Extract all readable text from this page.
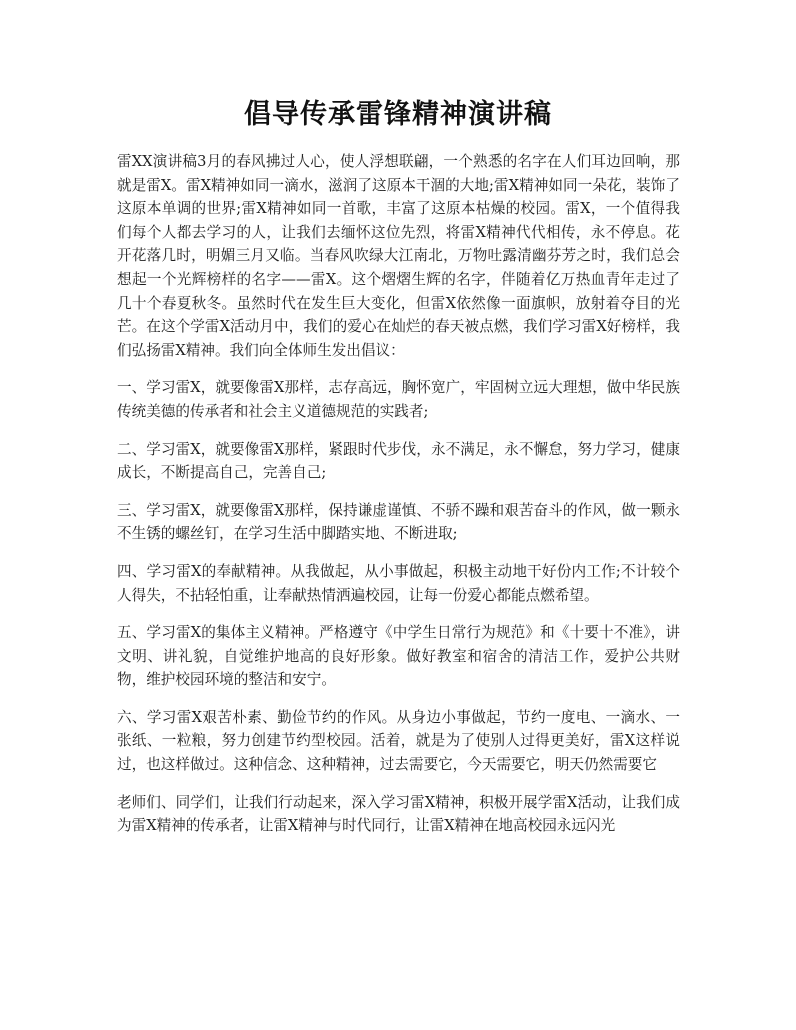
倡导传承雷锋精神演讲稿

雷XX演讲稿3月的春风拂过人心，使人浮想联翩，一个熟悉的名字在人们耳边回响，那就是雷X。雷X精神如同一滴水，滋润了这原本干涸的大地;雷X精神如同一朵花，装饰了这原本单调的世界;雷X精神如同一首歌，丰富了这原本枯燥的校园。雷X，一个值得我们每个人都去学习的人，让我们去缅怀这位先烈，将雷X精神代代相传，永不停息。花开花落几时，明媚三月又临。当春风吹绿大江南北，万物吐露清幽芬芳之时，我们总会想起一个光辉榜样的名字——雷X。这个熠熠生辉的名字，伴随着亿万热血青年走过了几十个春夏秋冬。虽然时代在发生巨大变化，但雷X依然像一面旗帜，放射着夺目的光芒。在这个学雷X活动月中，我们的爱心在灿烂的春天被点燃，我们学习雷X好榜样，我们弘扬雷X精神。我们向全体师生发出倡议：

一、学习雷X，就要像雷X那样，志存高远，胸怀宽广，牢固树立远大理想，做中华民族传统美德的传承者和社会主义道德规范的实践者;

二、学习雷X，就要像雷X那样，紧跟时代步伐，永不满足，永不懈怠，努力学习，健康成长，不断提高自己，完善自己;

三、学习雷X，就要像雷X那样，保持谦虚谨慎、不骄不躁和艰苦奋斗的作风，做一颗永不生锈的螺丝钉，在学习生活中脚踏实地、不断进取;

四、学习雷X的奉献精神。从我做起，从小事做起，积极主动地干好份内工作;不计较个人得失，不拈轻怕重，让奉献热情洒遍校园，让每一份爱心都能点燃希望。

五、学习雷X的集体主义精神。严格遵守《中学生日常行为规范》和《十要十不准》，讲文明、讲礼貌，自觉维护地高的良好形象。做好教室和宿舍的清洁工作，爱护公共财物，维护校园环境的整洁和安宁。

六、学习雷X艰苦朴素、勤俭节约的作风。从身边小事做起，节约一度电、一滴水、一张纸、一粒粮，努力创建节约型校园。活着，就是为了使别人过得更美好，雷X这样说过，也这样做过。这种信念、这种精神，过去需要它，今天需要它，明天仍然需要它

老师们、同学们，让我们行动起来，深入学习雷X精神，积极开展学雷X活动，让我们成为雷X精神的传承者，让雷X精神与时代同行，让雷X精神在地高校园永远闪光
